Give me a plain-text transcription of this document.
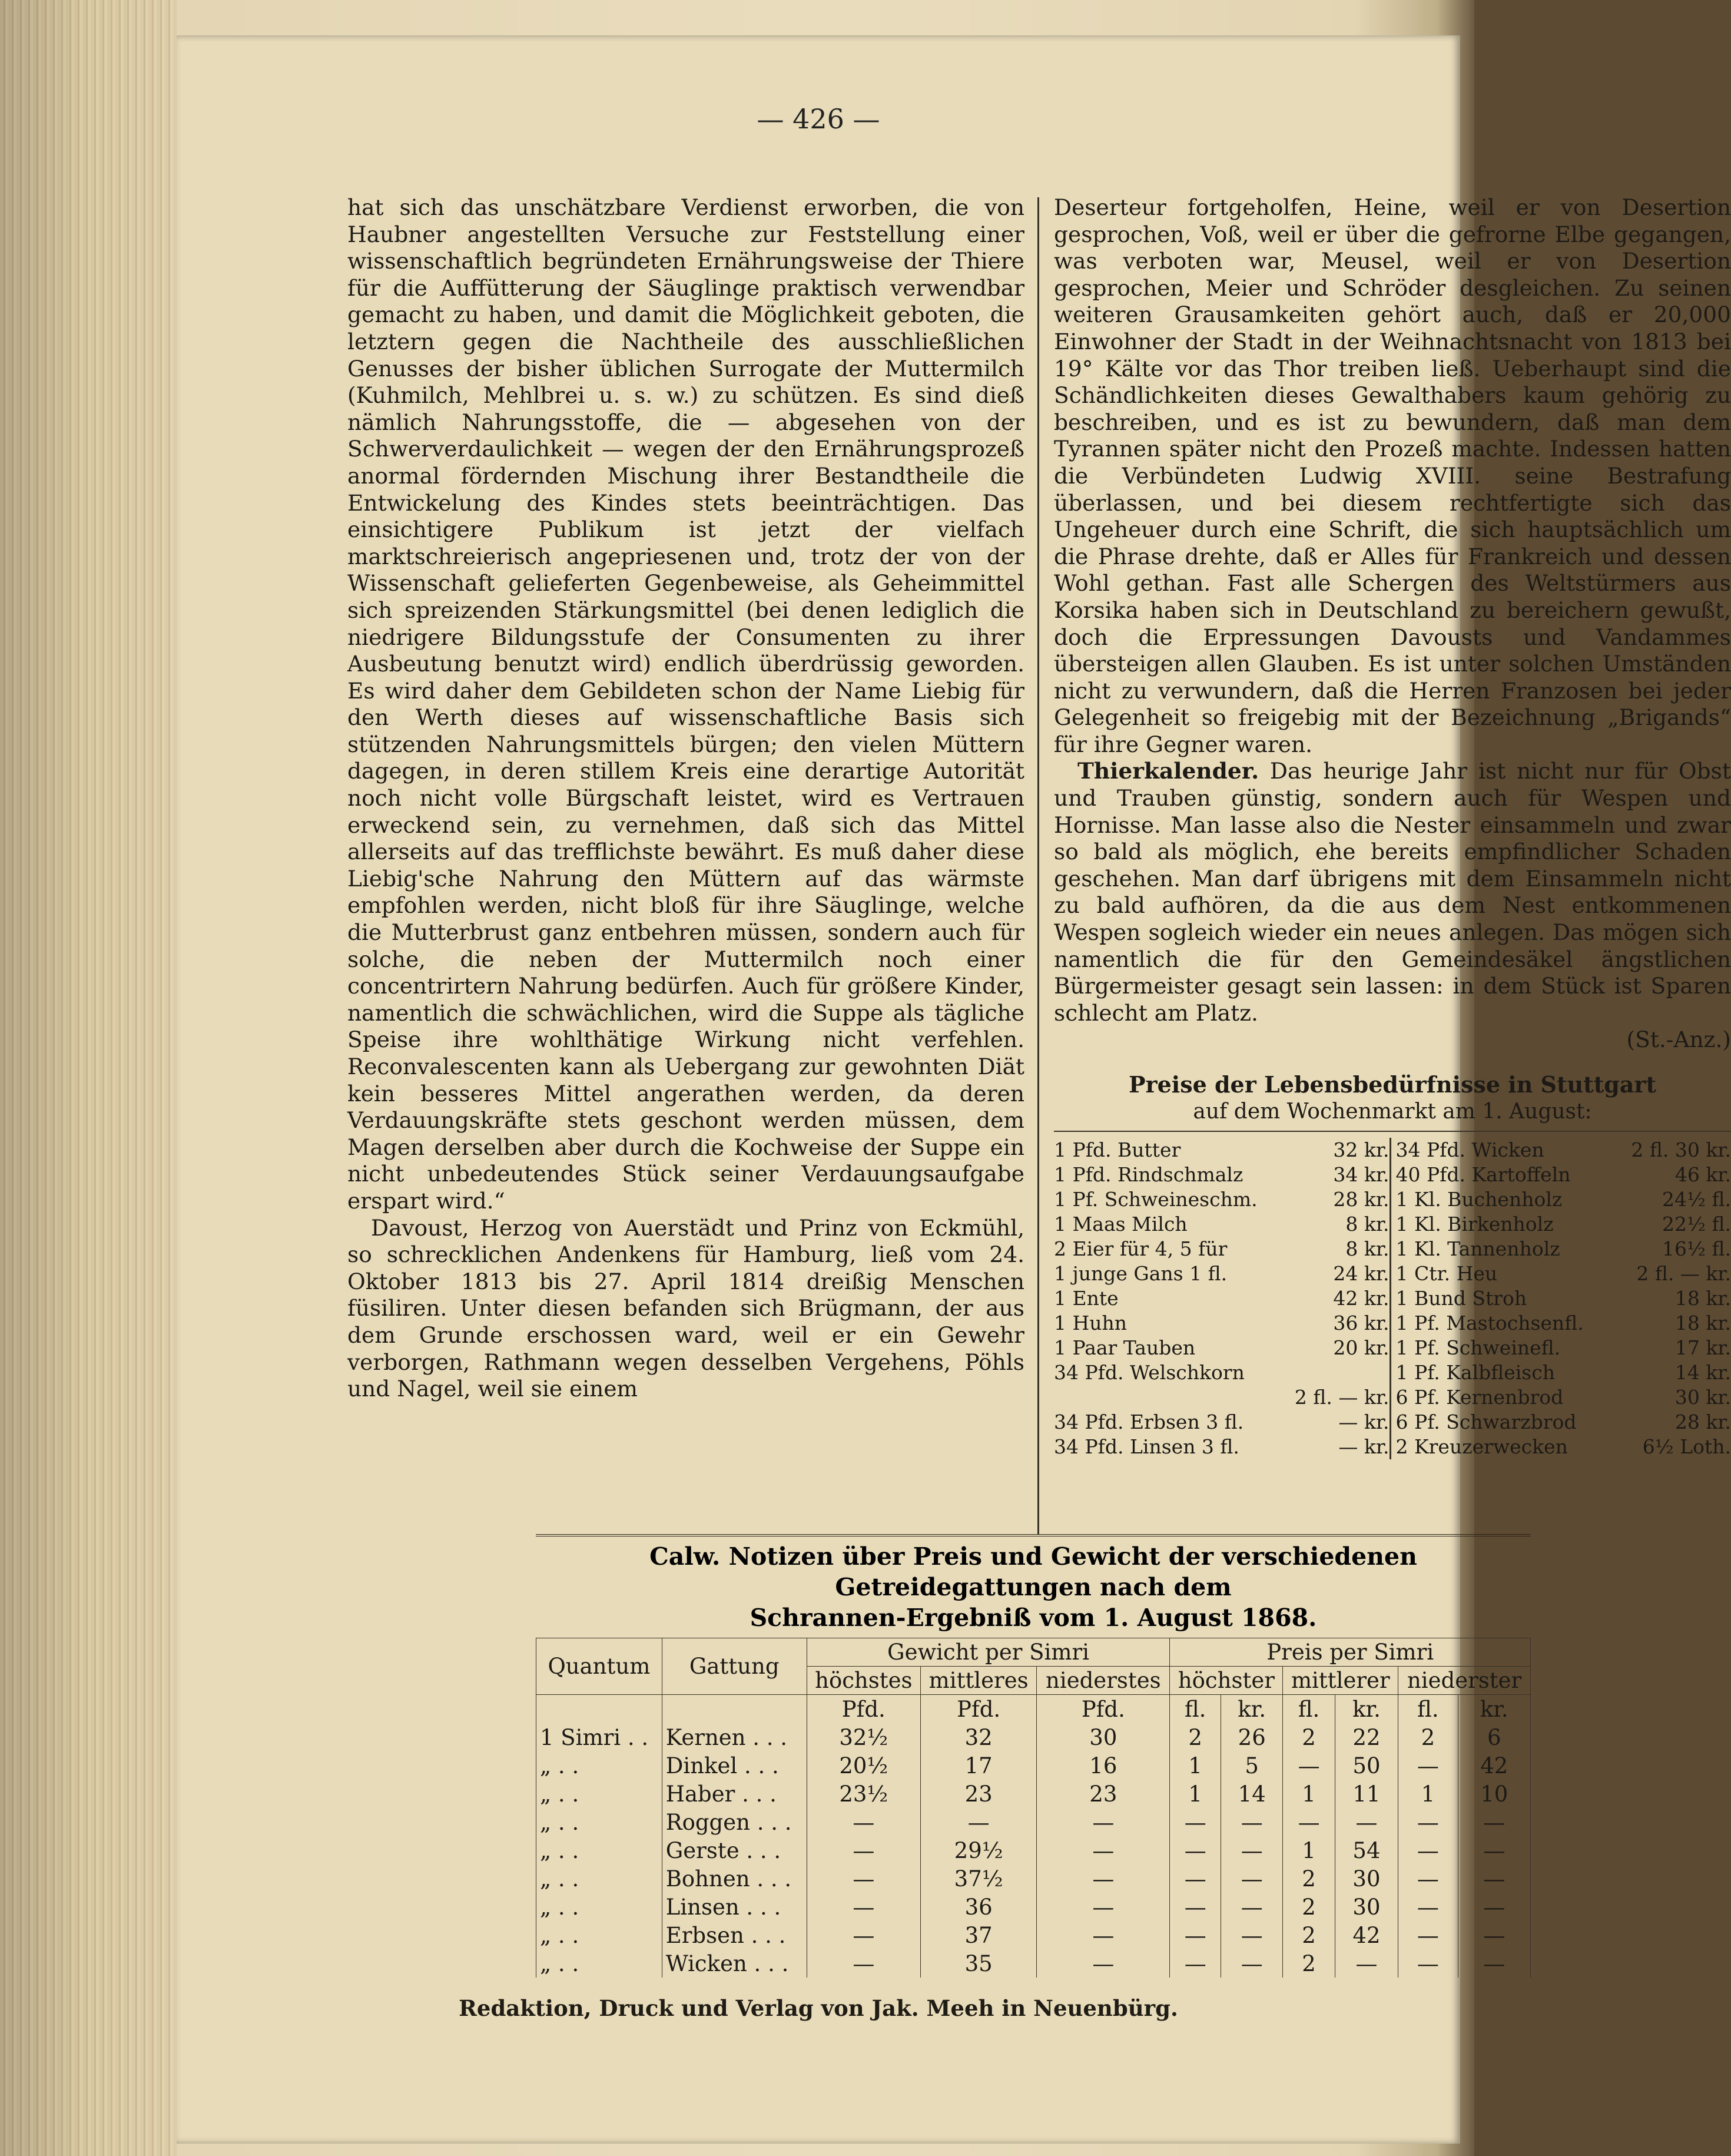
— 426 —

hat sich das unschätzbare Verdienst erworben, die von Haubner angestellten Versuche zur Feststellung einer wissenschaftlich begründeten Ernährungsweise der Thiere für die Auffütterung der Säuglinge praktisch verwendbar gemacht zu haben, und damit die Möglichkeit geboten, die letztern gegen die Nachtheile des ausschließlichen Genusses der bisher üblichen Surrogate der Muttermilch (Kuhmilch, Mehlbrei u. s. w.) zu schützen. Es sind dieß nämlich Nahrungsstoffe, die — abgesehen von der Schwerverdaulichkeit — wegen der den Ernährungsprozeß anormal fördernden Mischung ihrer Bestandtheile die Entwickelung des Kindes stets beeinträchtigen. Das einsichtigere Publikum ist jetzt der vielfach marktschreierisch angepriesenen und, trotz der von der Wissenschaft gelieferten Gegenbeweise, als Geheimmittel sich spreizenden Stärkungsmittel (bei denen lediglich die niedrigere Bildungsstufe der Consumenten zu ihrer Ausbeutung benutzt wird) endlich überdrüssig geworden. Es wird daher dem Gebildeten schon der Name Liebig für den Werth dieses auf wissenschaftliche Basis sich stützenden Nahrungsmittels bürgen; den vielen Müttern dagegen, in deren stillem Kreis eine derartige Autorität noch nicht volle Bürgschaft leistet, wird es Vertrauen erweckend sein, zu vernehmen, daß sich das Mittel allerseits auf das trefflichste bewährt. Es muß daher diese Liebig'sche Nahrung den Müttern auf das wärmste empfohlen werden, nicht bloß für ihre Säuglinge, welche die Mutterbrust ganz entbehren müssen, sondern auch für solche, die neben der Muttermilch noch einer concentrirtern Nahrung bedürfen. Auch für größere Kinder, namentlich die schwächlichen, wird die Suppe als tägliche Speise ihre wohlthätige Wirkung nicht verfehlen. Reconvalescenten kann als Uebergang zur gewohnten Diät kein besseres Mittel angerathen werden, da deren Verdauungskräfte stets geschont werden müssen, dem Magen derselben aber durch die Kochweise der Suppe ein nicht unbedeutendes Stück seiner Verdauungsaufgabe erspart wird.“

Davoust, Herzog von Auerstädt und Prinz von Eckmühl, so schrecklichen Andenkens für Hamburg, ließ vom 24. Oktober 1813 bis 27. April 1814 dreißig Menschen füsiliren. Unter diesen befanden sich Brügmann, der aus dem Grunde erschossen ward, weil er ein Gewehr verborgen, Rathmann wegen desselben Vergehens, Pöhls und Nagel, weil sie einem

Deserteur fortgeholfen, Heine, weil er von Desertion gesprochen, Voß, weil er über die gefrorne Elbe gegangen, was verboten war, Meusel, weil er von Desertion gesprochen, Meier und Schröder desgleichen. Zu seinen weiteren Grausamkeiten gehört auch, daß er 20,000 Einwohner der Stadt in der Weihnachtsnacht von 1813 bei 19° Kälte vor das Thor treiben ließ. Ueberhaupt sind die Schändlichkeiten dieses Gewalthabers kaum gehörig zu beschreiben, und es ist zu bewundern, daß man dem Tyrannen später nicht den Prozeß machte. Indessen hatten die Verbündeten Ludwig XVIII. seine Bestrafung überlassen, und bei diesem rechtfertigte sich das Ungeheuer durch eine Schrift, die sich hauptsächlich um die Phrase drehte, daß er Alles für Frankreich und dessen Wohl gethan. Fast alle Schergen des Weltstürmers aus Korsika haben sich in Deutschland zu bereichern gewußt, doch die Erpressungen Davousts und Vandammes übersteigen allen Glauben. Es ist unter solchen Umständen nicht zu verwundern, daß die Herren Franzosen bei jeder Gelegenheit so freigebig mit der Bezeichnung „Brigands“ für ihre Gegner waren.

Thierkalender. Das heurige Jahr ist nicht nur für Obst und Trauben günstig, sondern auch für Wespen und Hornisse. Man lasse also die Nester einsammeln und zwar so bald als möglich, ehe bereits empfindlicher Schaden geschehen. Man darf übrigens mit dem Einsammeln nicht zu bald aufhören, da die aus dem Nest entkommenen Wespen sogleich wieder ein neues anlegen. Das mögen sich namentlich die für den Gemeindesäkel ängstlichen Bürgermeister gesagt sein lassen: in dem Stück ist Sparen schlecht am Platz.

(St.-Anz.)
Preise der Lebensbedürfnisse in Stuttgart
auf dem Wochenmarkt am 1. August:
1 Pfd. Butter	32 kr.
1 Pfd. Rindschmalz	34 kr.
1 Pf. Schweineschm.	28 kr.
1 Maas Milch	8 kr.
2 Eier für 4, 5 für	8 kr.
1 junge Gans 1 fl.	24 kr.
1 Ente	42 kr.
1 Huhn	36 kr.
1 Paar Tauben	20 kr.
34 Pfd. Welschkorn
2 fl. — kr.
34 Pfd. Erbsen 3 fl.	— kr.
34 Pfd. Linsen 3 fl.	— kr.
34 Pfd. Wicken	2 fl. 30 kr.
40 Pfd. Kartoffeln	46 kr.
1 Kl. Buchenholz	24½ fl.
1 Kl. Birkenholz	22½ fl.
1 Kl. Tannenholz	16½ fl.
1 Ctr. Heu	2 fl. — kr.
1 Bund Stroh	18 kr.
1 Pf. Mastochsenfl.	18 kr.
1 Pf. Schweinefl.	17 kr.
1 Pf. Kalbfleisch	14 kr.
6 Pf. Kernenbrod	30 kr.
6 Pf. Schwarzbrod	28 kr.
2 Kreuzerwecken	6½ Loth.
Calw. Notizen über Preis und Gewicht der verschiedenen Getreidegattungen nach dem
Schrannen-Ergebniß vom 1. August 1868.
Quantum	Gattung	Gewicht per Simri			Preis per Simri					
		höchstes	mittleres	niederstes	höchster		mittlerer		niederster	
		Pfd.	Pfd.	Pfd.	fl.	kr.	fl.	kr.	fl.	kr.
1 Simri . .	Kernen . . .	32½	32	30	2	26	2	22	2	6
„ . .	Dinkel . . .	20½	17	16	1	5	—	50	—	42
„ . .	Haber . . .	23½	23	23	1	14	1	11	1	10
„ . .	Roggen . . .	—	—	—	—	—	—	—	—	—
„ . .	Gerste . . .	—	29½	—	—	—	1	54	—	—
„ . .	Bohnen . . .	—	37½	—	—	—	2	30	—	—
„ . .	Linsen . . .	—	36	—	—	—	2	30	—	—
„ . .	Erbsen . . .	—	37	—	—	—	2	42	—	—
„ . .	Wicken . . .	—	35	—	—	—	2	—	—	—
Redaktion, Druck und Verlag von Jak. Meeh in Neuenbürg.
